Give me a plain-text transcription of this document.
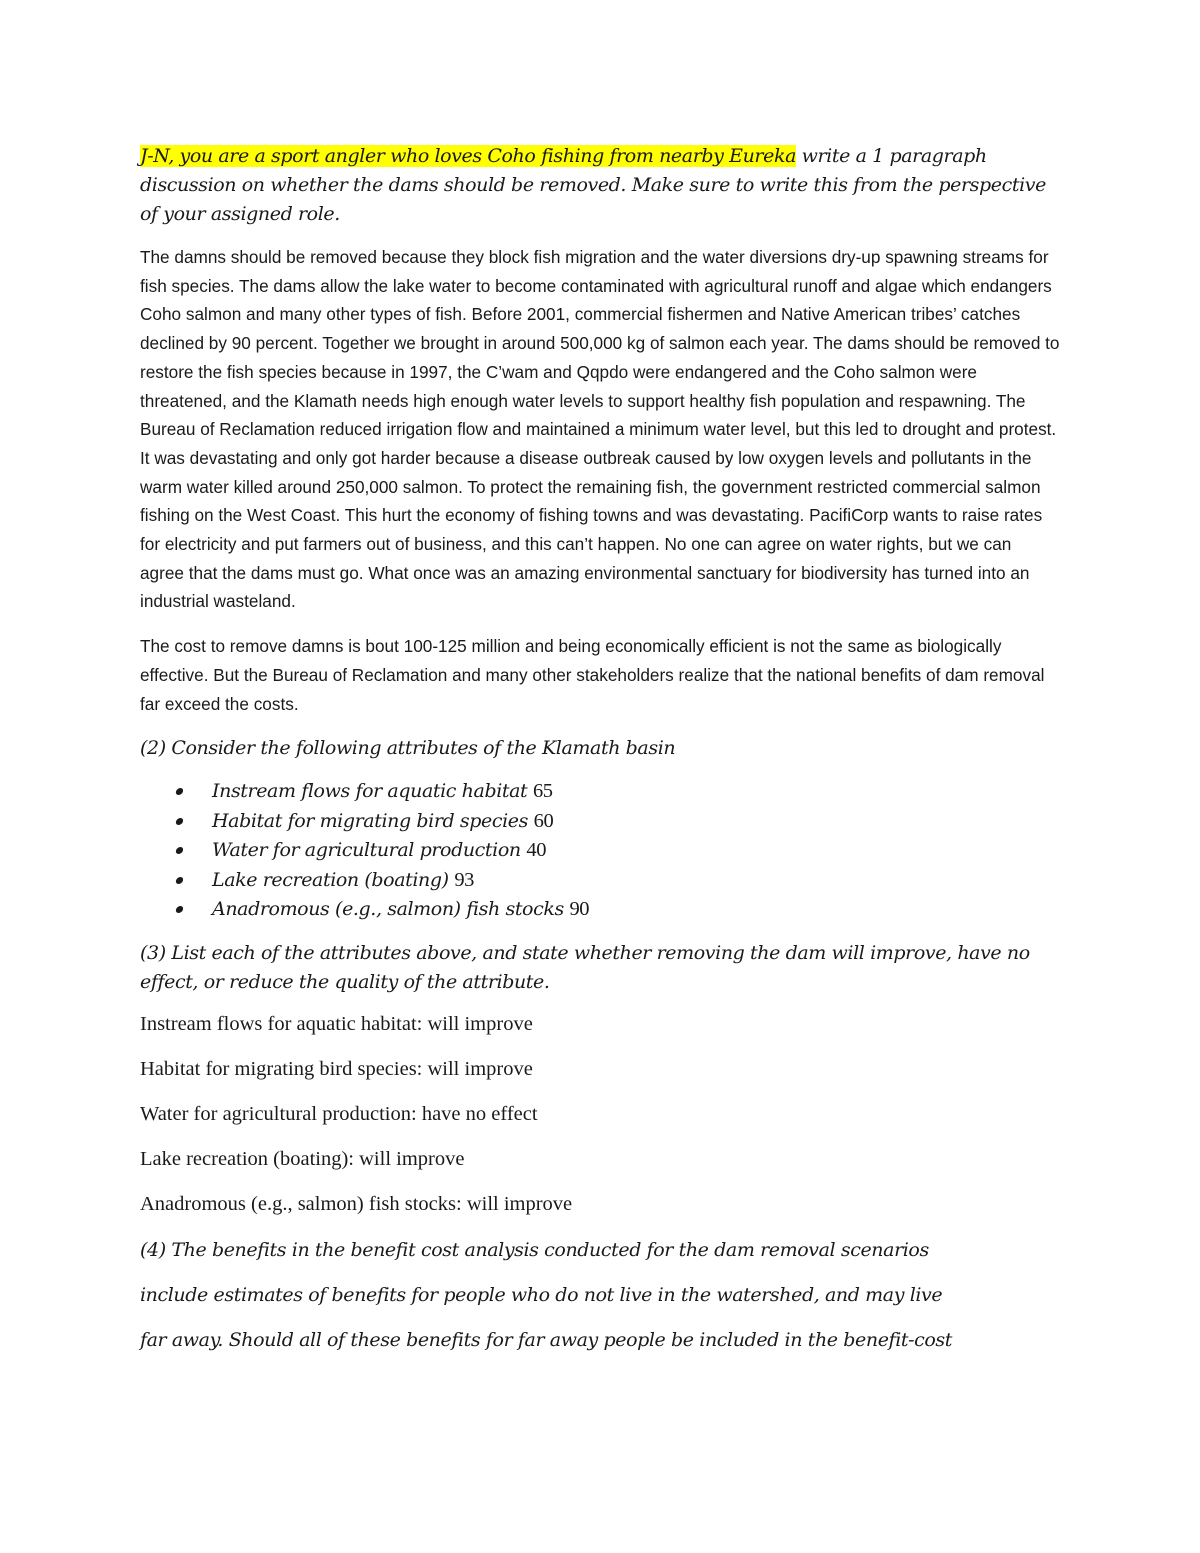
J-N, you are a sport angler who loves Coho fishing from nearby Eureka write a 1 paragraph discussion on whether the dams should be removed. Make sure to write this from the perspective of your assigned role.

The damns should be removed because they block fish migration and the water diversions dry-up spawning streams for fish species. The dams allow the lake water to become contaminated with agricultural runoff and algae which endangers Coho salmon and many other types of fish. Before 2001, commercial fishermen and Native American tribes’ catches declined by 90 percent. Together we brought in around 500,000 kg of salmon each year. The dams should be removed to restore the fish species because in 1997, the C’wam and Qqpdo were endangered and the Coho salmon were threatened, and the Klamath needs high enough water levels to support healthy fish population and respawning. The Bureau of Reclamation reduced irrigation flow and maintained a minimum water level, but this led to drought and protest. It was devastating and only got harder because a disease outbreak caused by low oxygen levels and pollutants in the warm water killed around 250,000 salmon. To protect the remaining fish, the government restricted commercial salmon fishing on the West Coast. This hurt the economy of fishing towns and was devastating. PacifiCorp wants to raise rates for electricity and put farmers out of business, and this can’t happen. No one can agree on water rights, but we can agree that the dams must go. What once was an amazing environmental sanctuary for biodiversity has turned into an industrial wasteland.

The cost to remove damns is bout 100-125 million and being economically efficient is not the same as biologically effective. But the Bureau of Reclamation and many other stakeholders realize that the national benefits of dam removal far exceed the costs.

(2) Consider the following attributes of the Klamath basin

Instream flows for aquatic habitat 65
Habitat for migrating bird species 60
Water for agricultural production 40
Lake recreation (boating) 93
Anadromous (e.g., salmon) fish stocks 90

(3) List each of the attributes above, and state whether removing the dam will improve, have no effect, or reduce the quality of the attribute.

Instream flows for aquatic habitat: will improve

Habitat for migrating bird species: will improve

Water for agricultural production: have no effect

Lake recreation (boating): will improve

Anadromous (e.g., salmon) fish stocks: will improve

(4) The benefits in the benefit cost analysis conducted for the dam removal scenarios

include estimates of benefits for people who do not live in the watershed, and may live

far away. Should all of these benefits for far away people be included in the benefit-cost
